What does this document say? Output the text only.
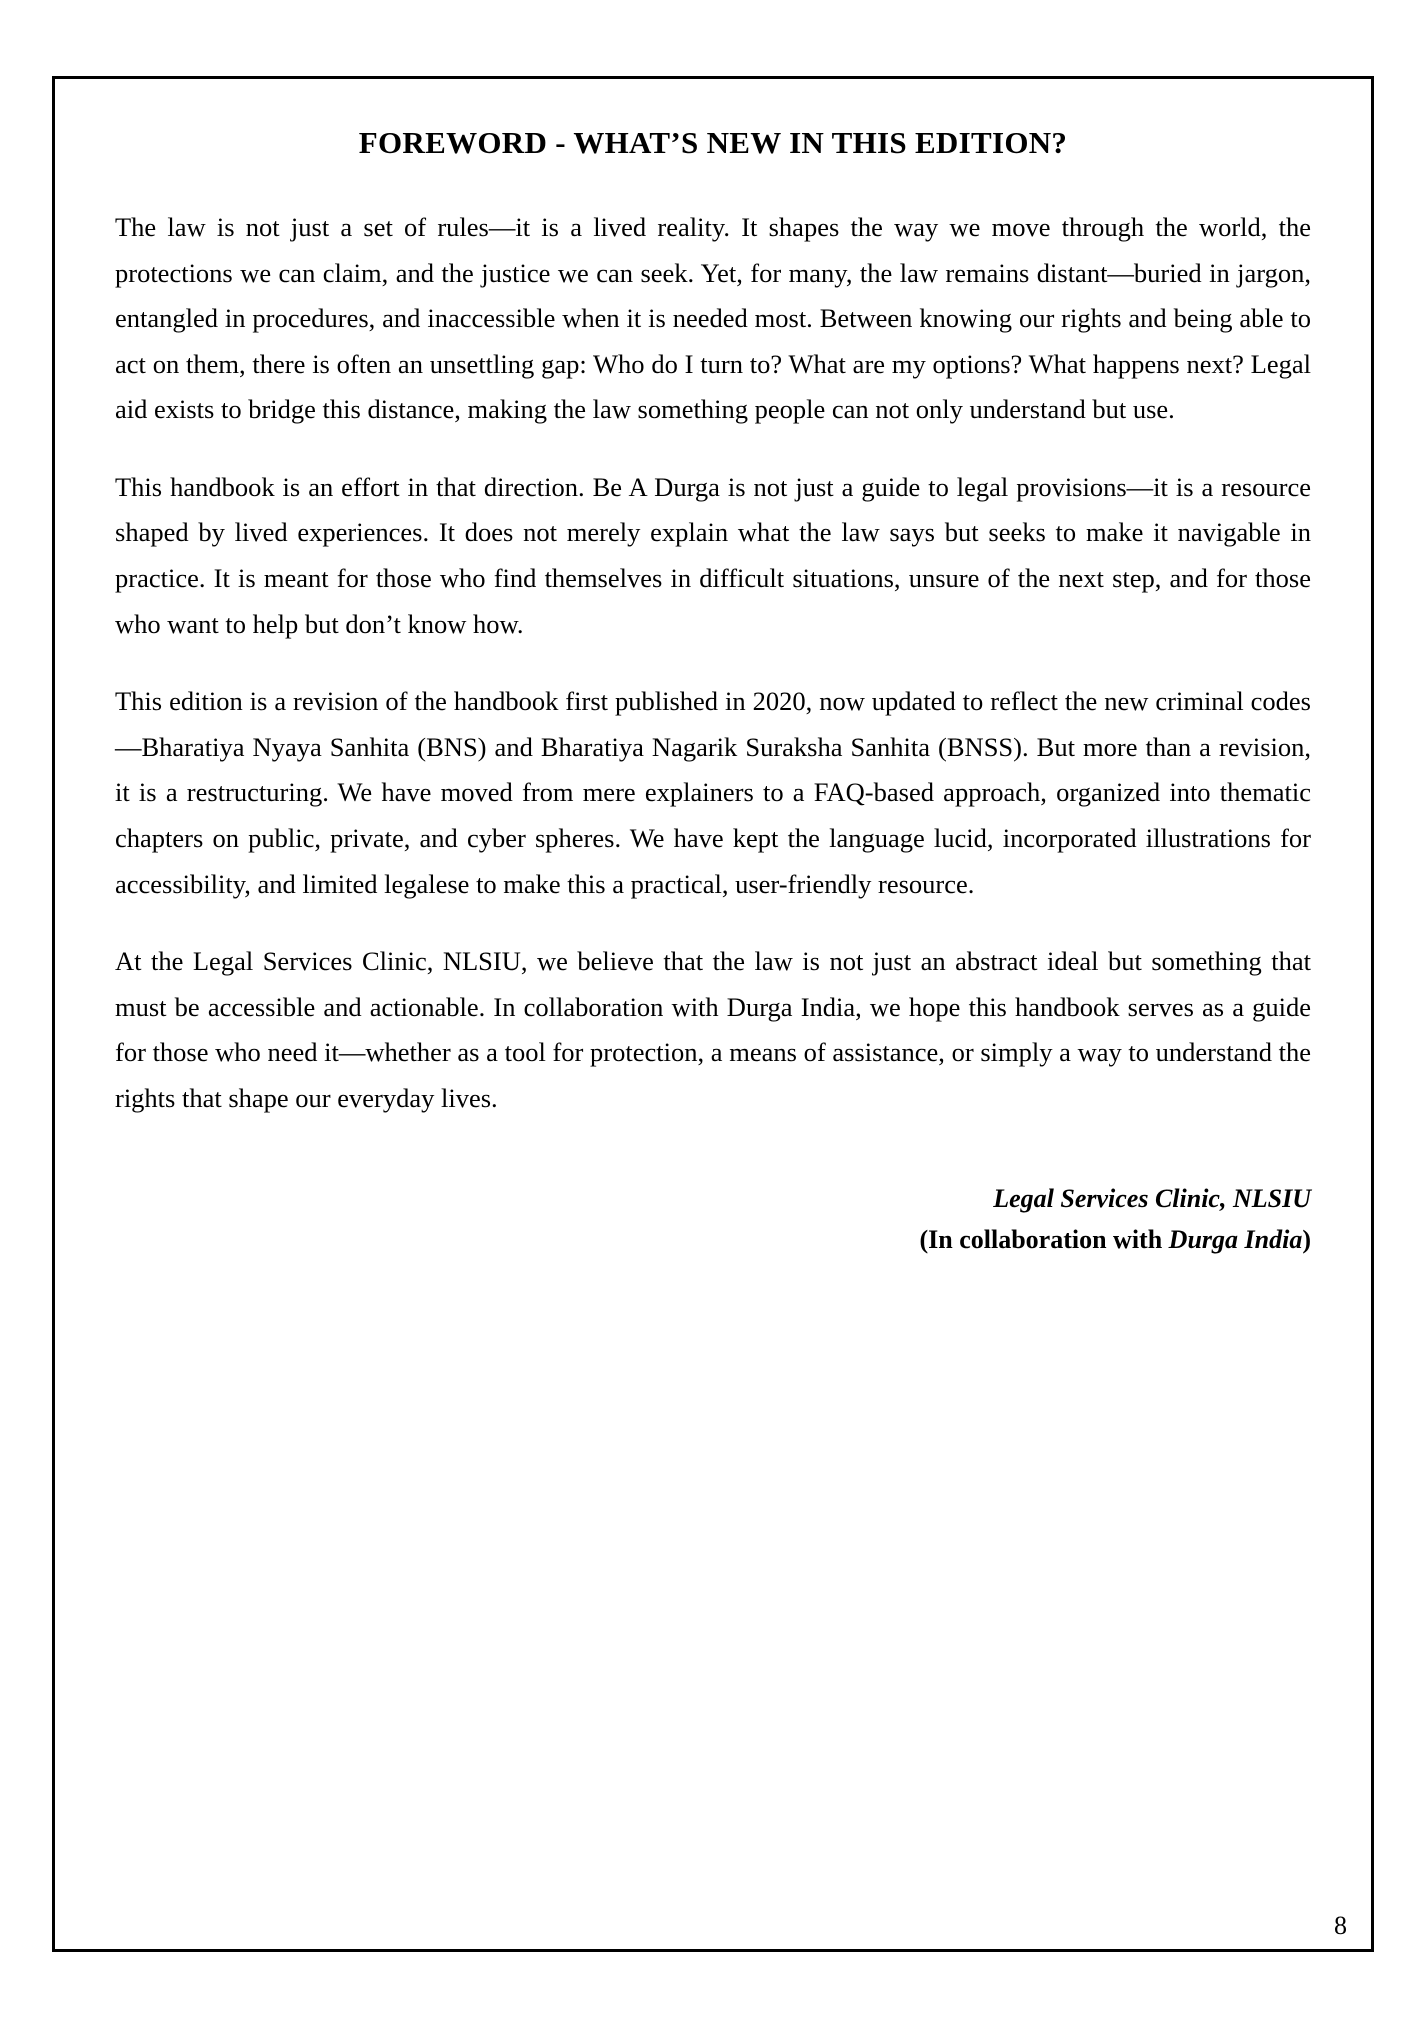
FOREWORD - WHAT’S NEW IN THIS EDITION?

The law is not just a set of rules—it is a lived reality. It shapes the way we move through the world, the protections we can claim, and the justice we can seek. Yet, for many, the law remains distant—buried in jargon, entangled in procedures, and inaccessible when it is needed most. Between knowing our rights and being able to act on them, there is often an unsettling gap: Who do I turn to? What are my options? What happens next? Legal aid exists to bridge this distance, making the law something people can not only understand but use.

This handbook is an effort in that direction. Be A Durga is not just a guide to legal provisions—it is a resource shaped by lived experiences. It does not merely explain what the law says but seeks to make it navigable in practice. It is meant for those who find themselves in difficult situations, unsure of the next step, and for those who want to help but don’t know how.

This edition is a revision of the handbook first published in 2020, now updated to reflect the new criminal codes—Bharatiya Nyaya Sanhita (BNS) and Bharatiya Nagarik Suraksha Sanhita (BNSS). But more than a revision, it is a restructuring. We have moved from mere explainers to a FAQ-based approach, organized into thematic chapters on public, private, and cyber spheres. We have kept the language lucid, incorporated illustrations for accessibility, and limited legalese to make this a practical, user-friendly resource.

At the Legal Services Clinic, NLSIU, we believe that the law is not just an abstract ideal but something that must be accessible and actionable. In collaboration with Durga India, we hope this handbook serves as a guide for those who need it—whether as a tool for protection, a means of assistance, or simply a way to understand the rights that shape our everyday lives.

Legal Services Clinic, NLSIU
(In collaboration with Durga India)
8
